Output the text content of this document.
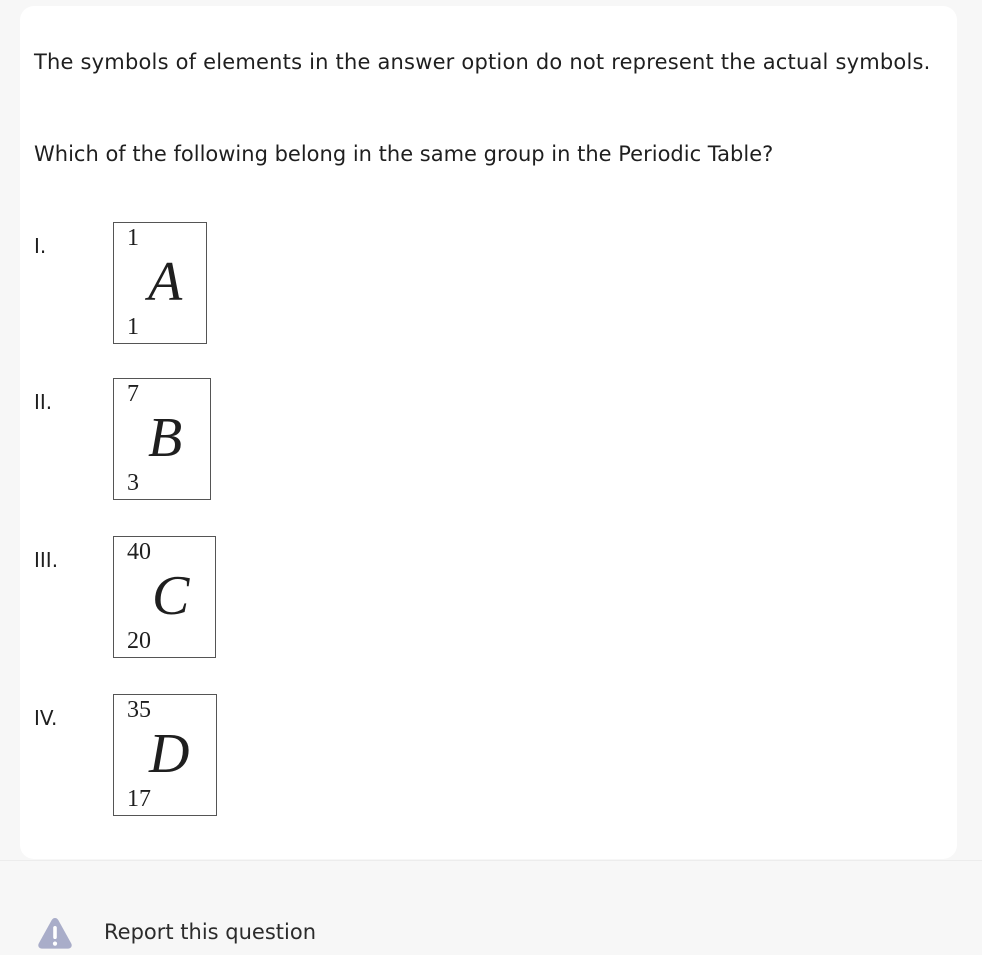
The symbols of elements in the answer option do not represent the actual symbols.

Which of the following belong in the same group in the Periodic Table?

I.	1
A
1
II.	7
B
3
III.	40
C
20
IV.	35
D
17
Report this question
